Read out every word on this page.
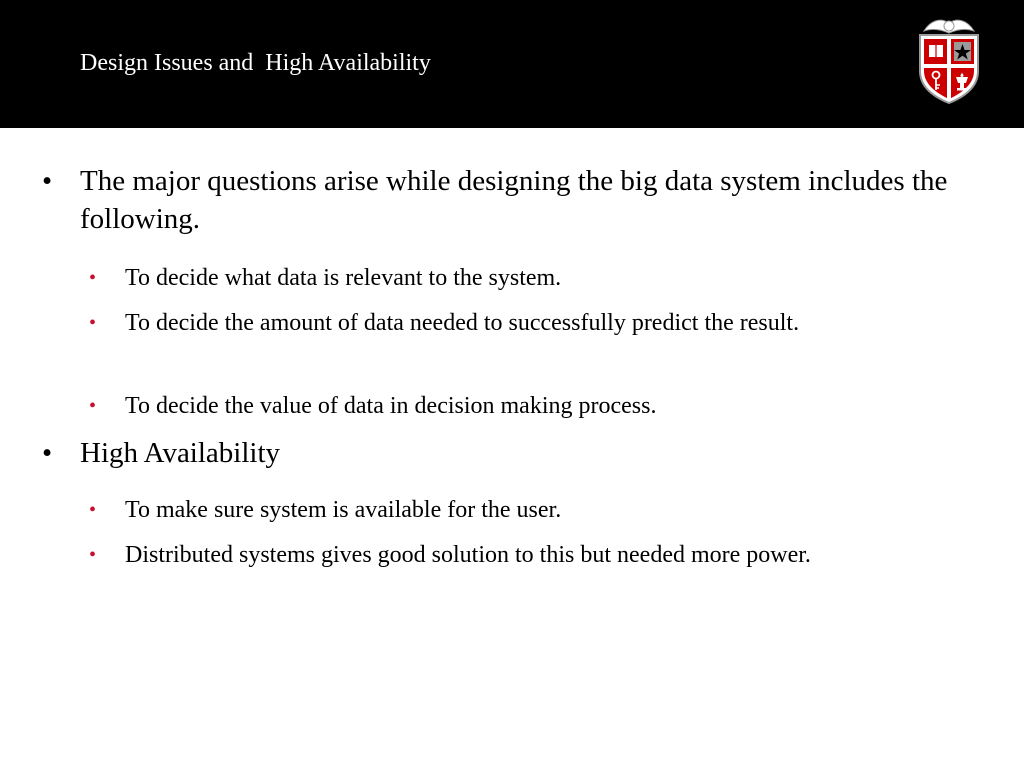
Design Issues and  High Availability
• The major questions arise while designing the big data system includes the following.
• To decide what data is relevant to the system.
• To decide the amount of data needed to successfully predict the result.
• To decide the value of data in decision making process.
• High Availability
• To make sure system is available for the user.
• Distributed systems gives good solution to this but needed more power.
